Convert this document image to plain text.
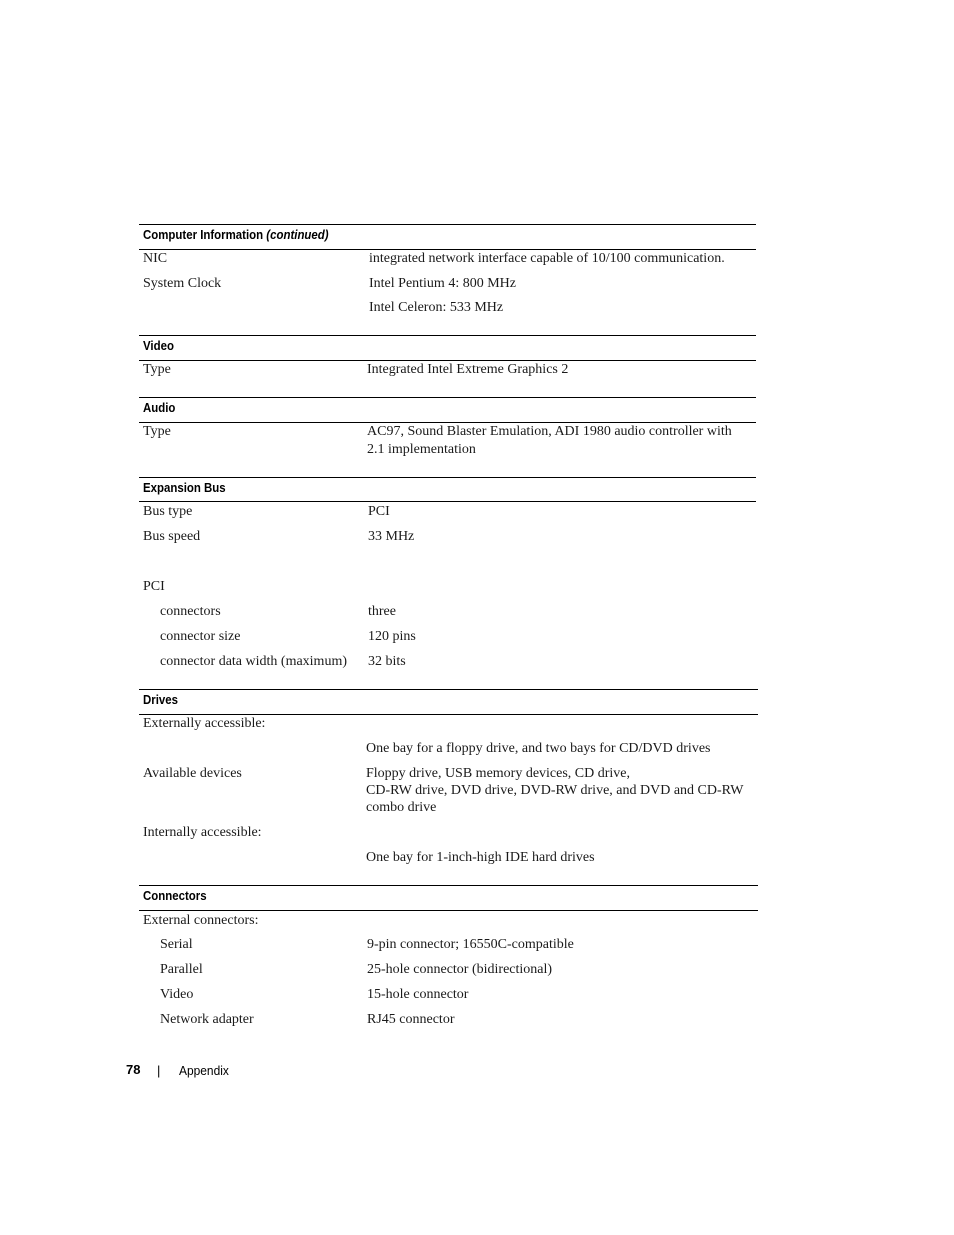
Computer Information (continued)
NIC	integrated network interface capable of 10/100 communication.
System Clock	Intel Pentium 4: 800 MHz
Intel Celeron: 533 MHz
Video
Type	Integrated Intel Extreme Graphics 2
Audio
Type	AC97, Sound Blaster Emulation, ADI 1980 audio controller with
2.1 implementation
Expansion Bus
Bus type	PCI
Bus speed	33 MHz
PCI
connectors	three
connector size	120 pins
connector data width (maximum) 32 bits
Drives
Externally accessible:
One bay for a floppy drive, and two bays for CD/DVD drives
Available devices	Floppy drive, USB memory devices, CD drive,
CD-RW drive, DVD drive, DVD-RW drive, and DVD and CD-RW
combo drive
Internally accessible:
One bay for 1-inch-high IDE hard drives
Connectors
External connectors:
Serial	9-pin connector; 16550C-compatible
Parallel	25-hole connector (bidirectional)
Video	15-hole connector
Network adapter	RJ45 connector
78 | Appendix
